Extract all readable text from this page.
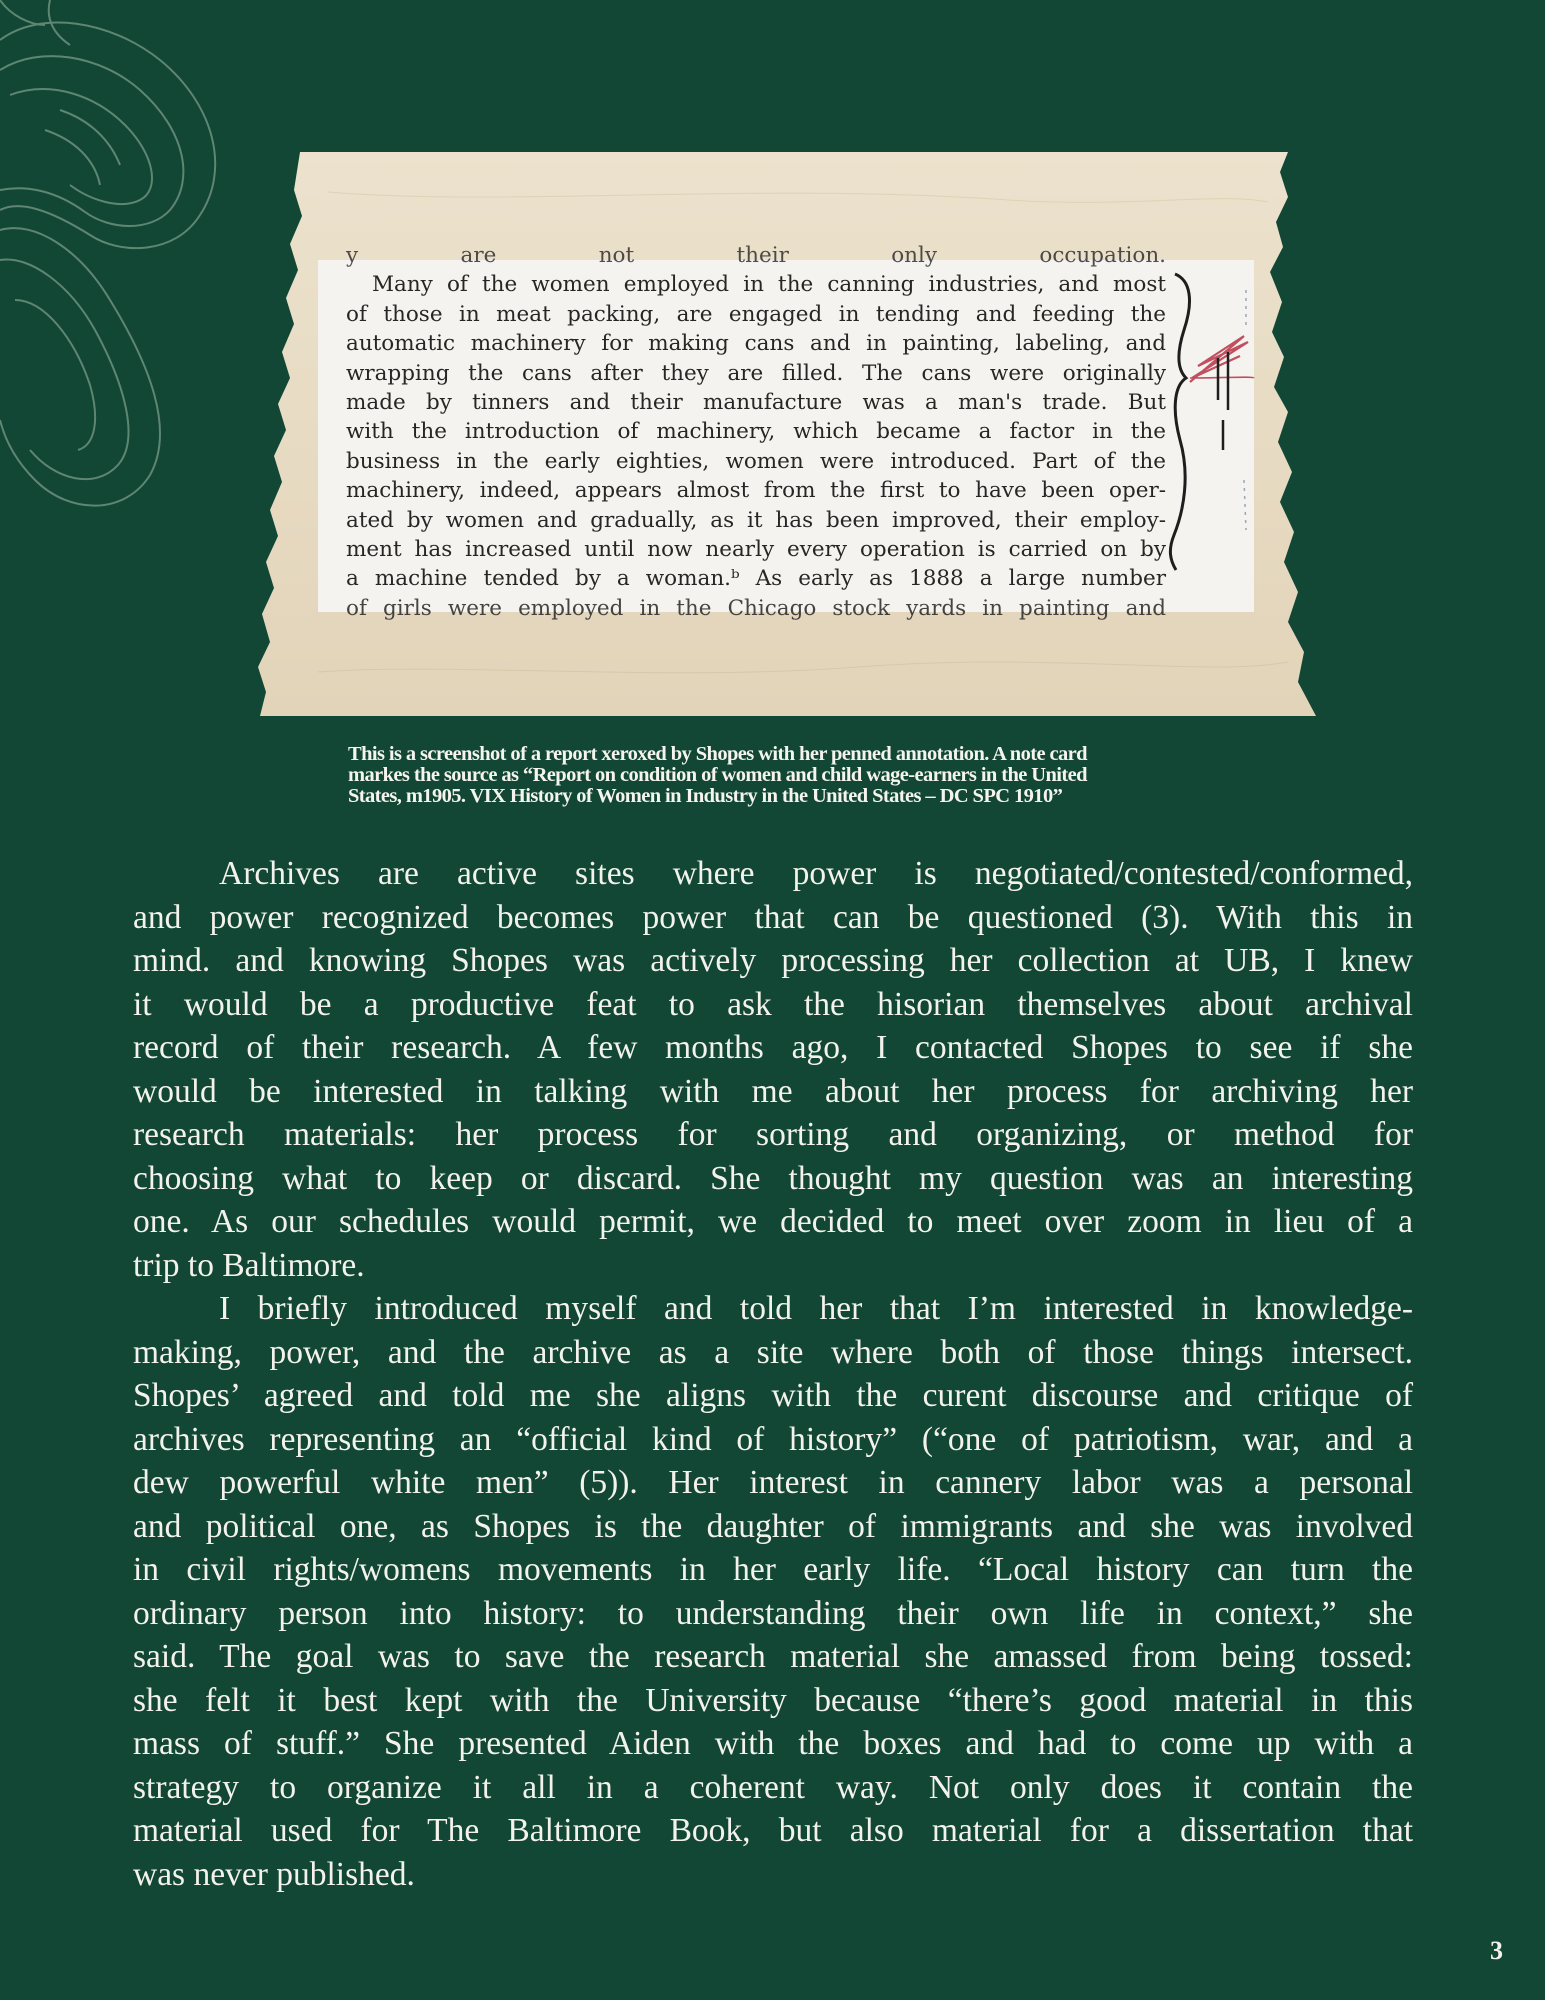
y are not their only occupation.
Many of the women employed in the canning industries, and most
of those in meat packing, are engaged in tending and feeding the
automatic machinery for making cans and in painting, labeling, and
wrapping the cans after they are filled. The cans were originally
made by tinners and their manufacture was a man's trade. But
with the introduction of machinery, which became a factor in the
business in the early eighties, women were introduced. Part of the
machinery, indeed, appears almost from the first to have been oper-
ated by women and gradually, as it has been improved, their employ-
ment has increased until now nearly every operation is carried on by
a machine tended by a woman.ᵇ As early as 1888 a large number
of girls were employed in the Chicago stock yards in painting and
This is a screenshot of a report xeroxed by Shopes with her penned annotation. A note card
markes the source as “Report on condition of women and child wage-earners in the United
States, m1905. VIX History of Women in Industry in the United States – DC SPC 1910”
Archives are active sites where power is negotiated/contested/conformed,
and power recognized becomes power that can be questioned (3). With this in
mind. and knowing Shopes was actively processing her collection at UB, I knew
it would be a productive feat to ask the hisorian themselves about archival
record of their research. A few months ago, I contacted Shopes to see if she
would be interested in talking with me about her process for archiving her
research materials: her process for sorting and organizing, or method for
choosing what to keep or discard. She thought my question was an interesting
one. As our schedules would permit, we decided to meet over zoom in lieu of a
trip to Baltimore.
I briefly introduced myself and told her that I’m interested in knowledge-
making, power, and the archive as a site where both of those things intersect.
Shopes’ agreed and told me she aligns with the curent discourse and critique of
archives representing an “official kind of history” (“one of patriotism, war, and a
dew powerful white men” (5)). Her interest in cannery labor was a personal
and political one, as Shopes is the daughter of immigrants and she was involved
in civil rights/womens movements in her early life. “Local history can turn the
ordinary person into history: to understanding their own life in context,” she
said. The goal was to save the research material she amassed from being tossed:
she felt it best kept with the University because “there’s good material in this
mass of stuff.” She presented Aiden with the boxes and had to come up with a
strategy to organize it all in a coherent way. Not only does it contain the
material used for The Baltimore Book, but also material for a dissertation that
was never published.
3
